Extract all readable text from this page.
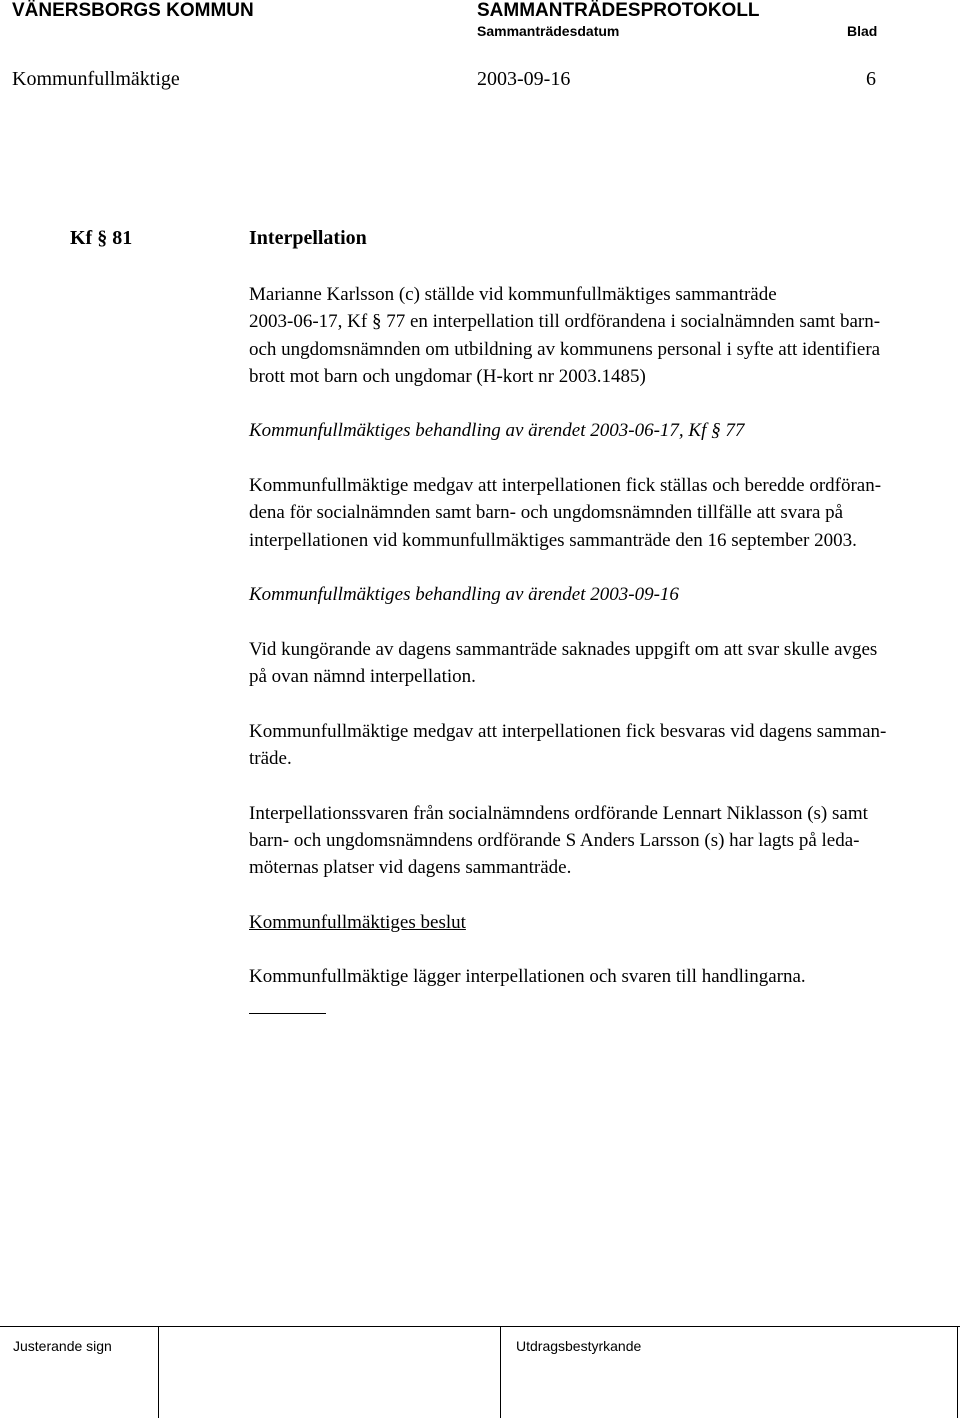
VÄNERSBORGS KOMMUN	SAMMANTRÄDESPROTOKOLL
Sammanträdesdatum	Blad
Kommunfullmäktige	2003-09-16	6
Kf § 81	Interpellation

Marianne Karlsson (c) ställde vid kommunfullmäktiges sammanträde
2003-06-17, Kf § 77 en interpellation till ordförandena i socialnämnden samt barn-
och ungdomsnämnden om utbildning av kommunens personal i syfte att identifiera
brott mot barn och ungdomar (H-kort nr 2003.1485)

Kommunfullmäktiges behandling av ärendet 2003-06-17, Kf § 77

Kommunfullmäktige medgav att interpellationen fick ställas och beredde ordföran-
dena för socialnämnden samt barn- och ungdomsnämnden tillfälle att svara på
interpellationen vid kommunfullmäktiges sammanträde den 16 september 2003.

Kommunfullmäktiges behandling av ärendet 2003-09-16

Vid kungörande av dagens sammanträde saknades uppgift om att svar skulle avges
på ovan nämnd interpellation.

Kommunfullmäktige medgav att interpellationen fick besvaras vid dagens samman-
träde.

Interpellationssvaren från socialnämndens ordförande Lennart Niklasson (s) samt
barn- och ungdomsnämndens ordförande S Anders Larsson (s) har lagts på leda-
möternas platser vid dagens sammanträde.

Kommunfullmäktiges beslut

Kommunfullmäktige lägger interpellationen och svaren till handlingarna.

Justerande sign	Utdragsbestyrkande
